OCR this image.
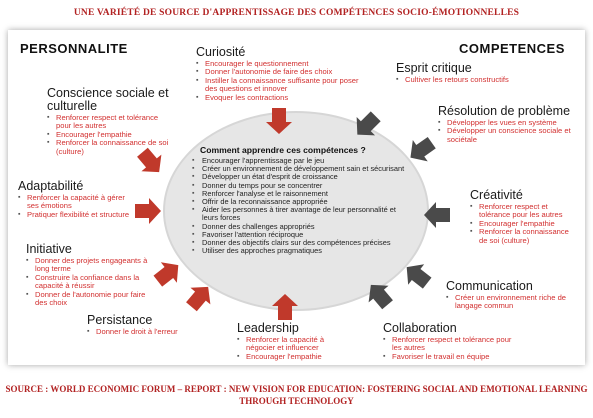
UNE VARIÉTÉ DE SOURCE D'APPRENTISSAGE DES COMPÉTENCES SOCIO-ÉMOTIONNELLES
PERSONNALITE	COMPETENCES
Comment apprendre ces compétences ?
▪ Encourager l'apprentissage par le jeu
▪ Créer un environnement de développement sain et sécurisant
▪ Développer un état d'esprit de croissance
▪ Donner du temps pour se concentrer
▪ Renforcer l'analyse et le raisonnement
▪ Offrir de la reconnaissance appropriée
▪ Aider les personnes à tirer avantage de leur personnalité et leurs forces
▪ Donner des challenges appropriés
▪ Favoriser l'attention réciproque
▪ Donner des objectifs clairs sur des compétences précises
▪ Utiliser des approches pragmatiques
Curiosité
▪ Encourager le questionnement
▪ Donner l'autonomie de faire des choix
▪ Instiller la connaissance suffisante pour poser des questions et innover
▪ Evoquer les contractions
Conscience sociale et culturelle
▪ Renforcer respect et tolérance pour les autres
▪ Encourager l'empathie
▪ Renforcer la connaissance de soi (culture)
Adaptabilité
▪ Renforcer la capacité à gérer ses émotions
▪ Pratiquer flexibilité et structure
Initiative
▪ Donner des projets engageants à long terme
▪ Construire la confiance dans la capacité à réussir
▪ Donner de l'autonomie pour faire des choix
Persistance
▪ Donner le droit à l'erreur	Leadership
▪ Renforcer la capacité à négocier et influencer
▪ Encourager l'empathie
Esprit critique
▪ Cultiver les retours constructifs
Résolution de problème
▪ Développer les vues en système
▪ Développer un conscience sociale et sociétale
Créativité
▪ Renforcer respect et tolérance pour les autres
▪ Encourager l'empathie
▪ Renforcer la connaissance de soi (culture)
Communication
▪ Créer un environnement riche de langage commun
Collaboration
▪ Renforcer respect et tolérance pour les autres
▪ Favoriser le travail en équipe
SOURCE : WORLD ECONOMIC FORUM – REPORT : NEW VISION FOR EDUCATION: FOSTERING SOCIAL AND EMOTIONAL LEARNING THROUGH TECHNOLOGY
